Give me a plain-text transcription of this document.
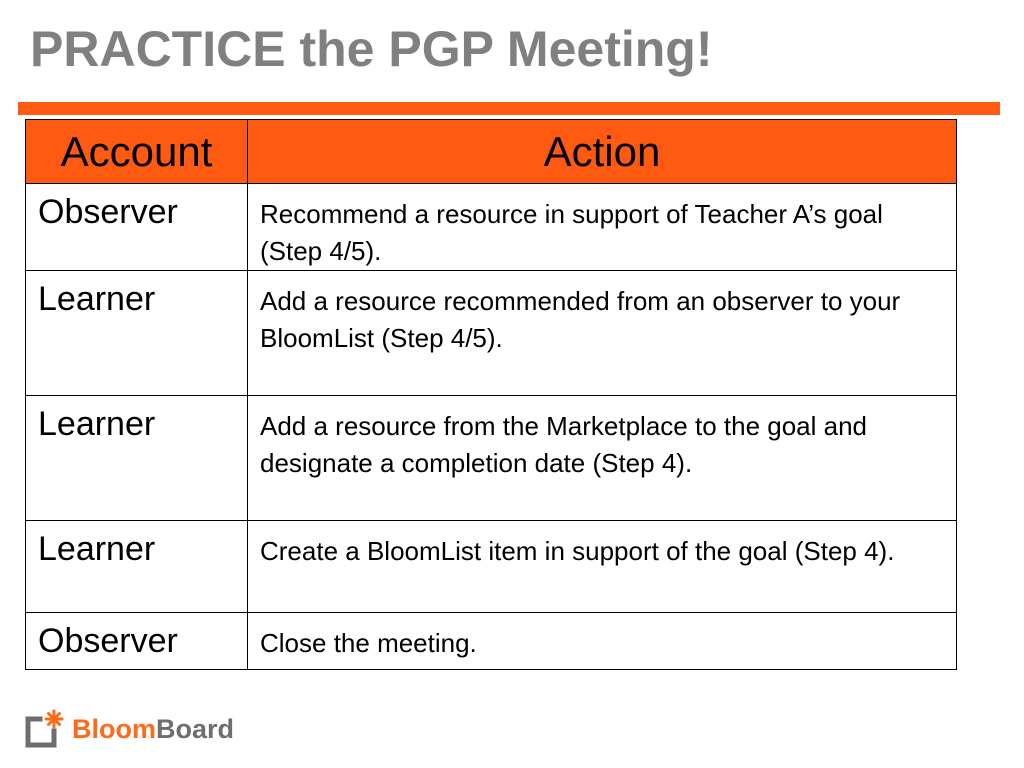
PRACTICE the PGP Meeting!
Account	Action
Observer	Recommend a resource in support of Teacher A’s goal (Step 4/5).
Learner	Add a resource recommended from an observer to your BloomList (Step 4/5).
Learner	Add a resource from the Marketplace to the goal and designate a completion date (Step 4).
Learner	Create a BloomList item in support of the goal (Step 4).
Observer	Close the meeting.
BloomBoard
